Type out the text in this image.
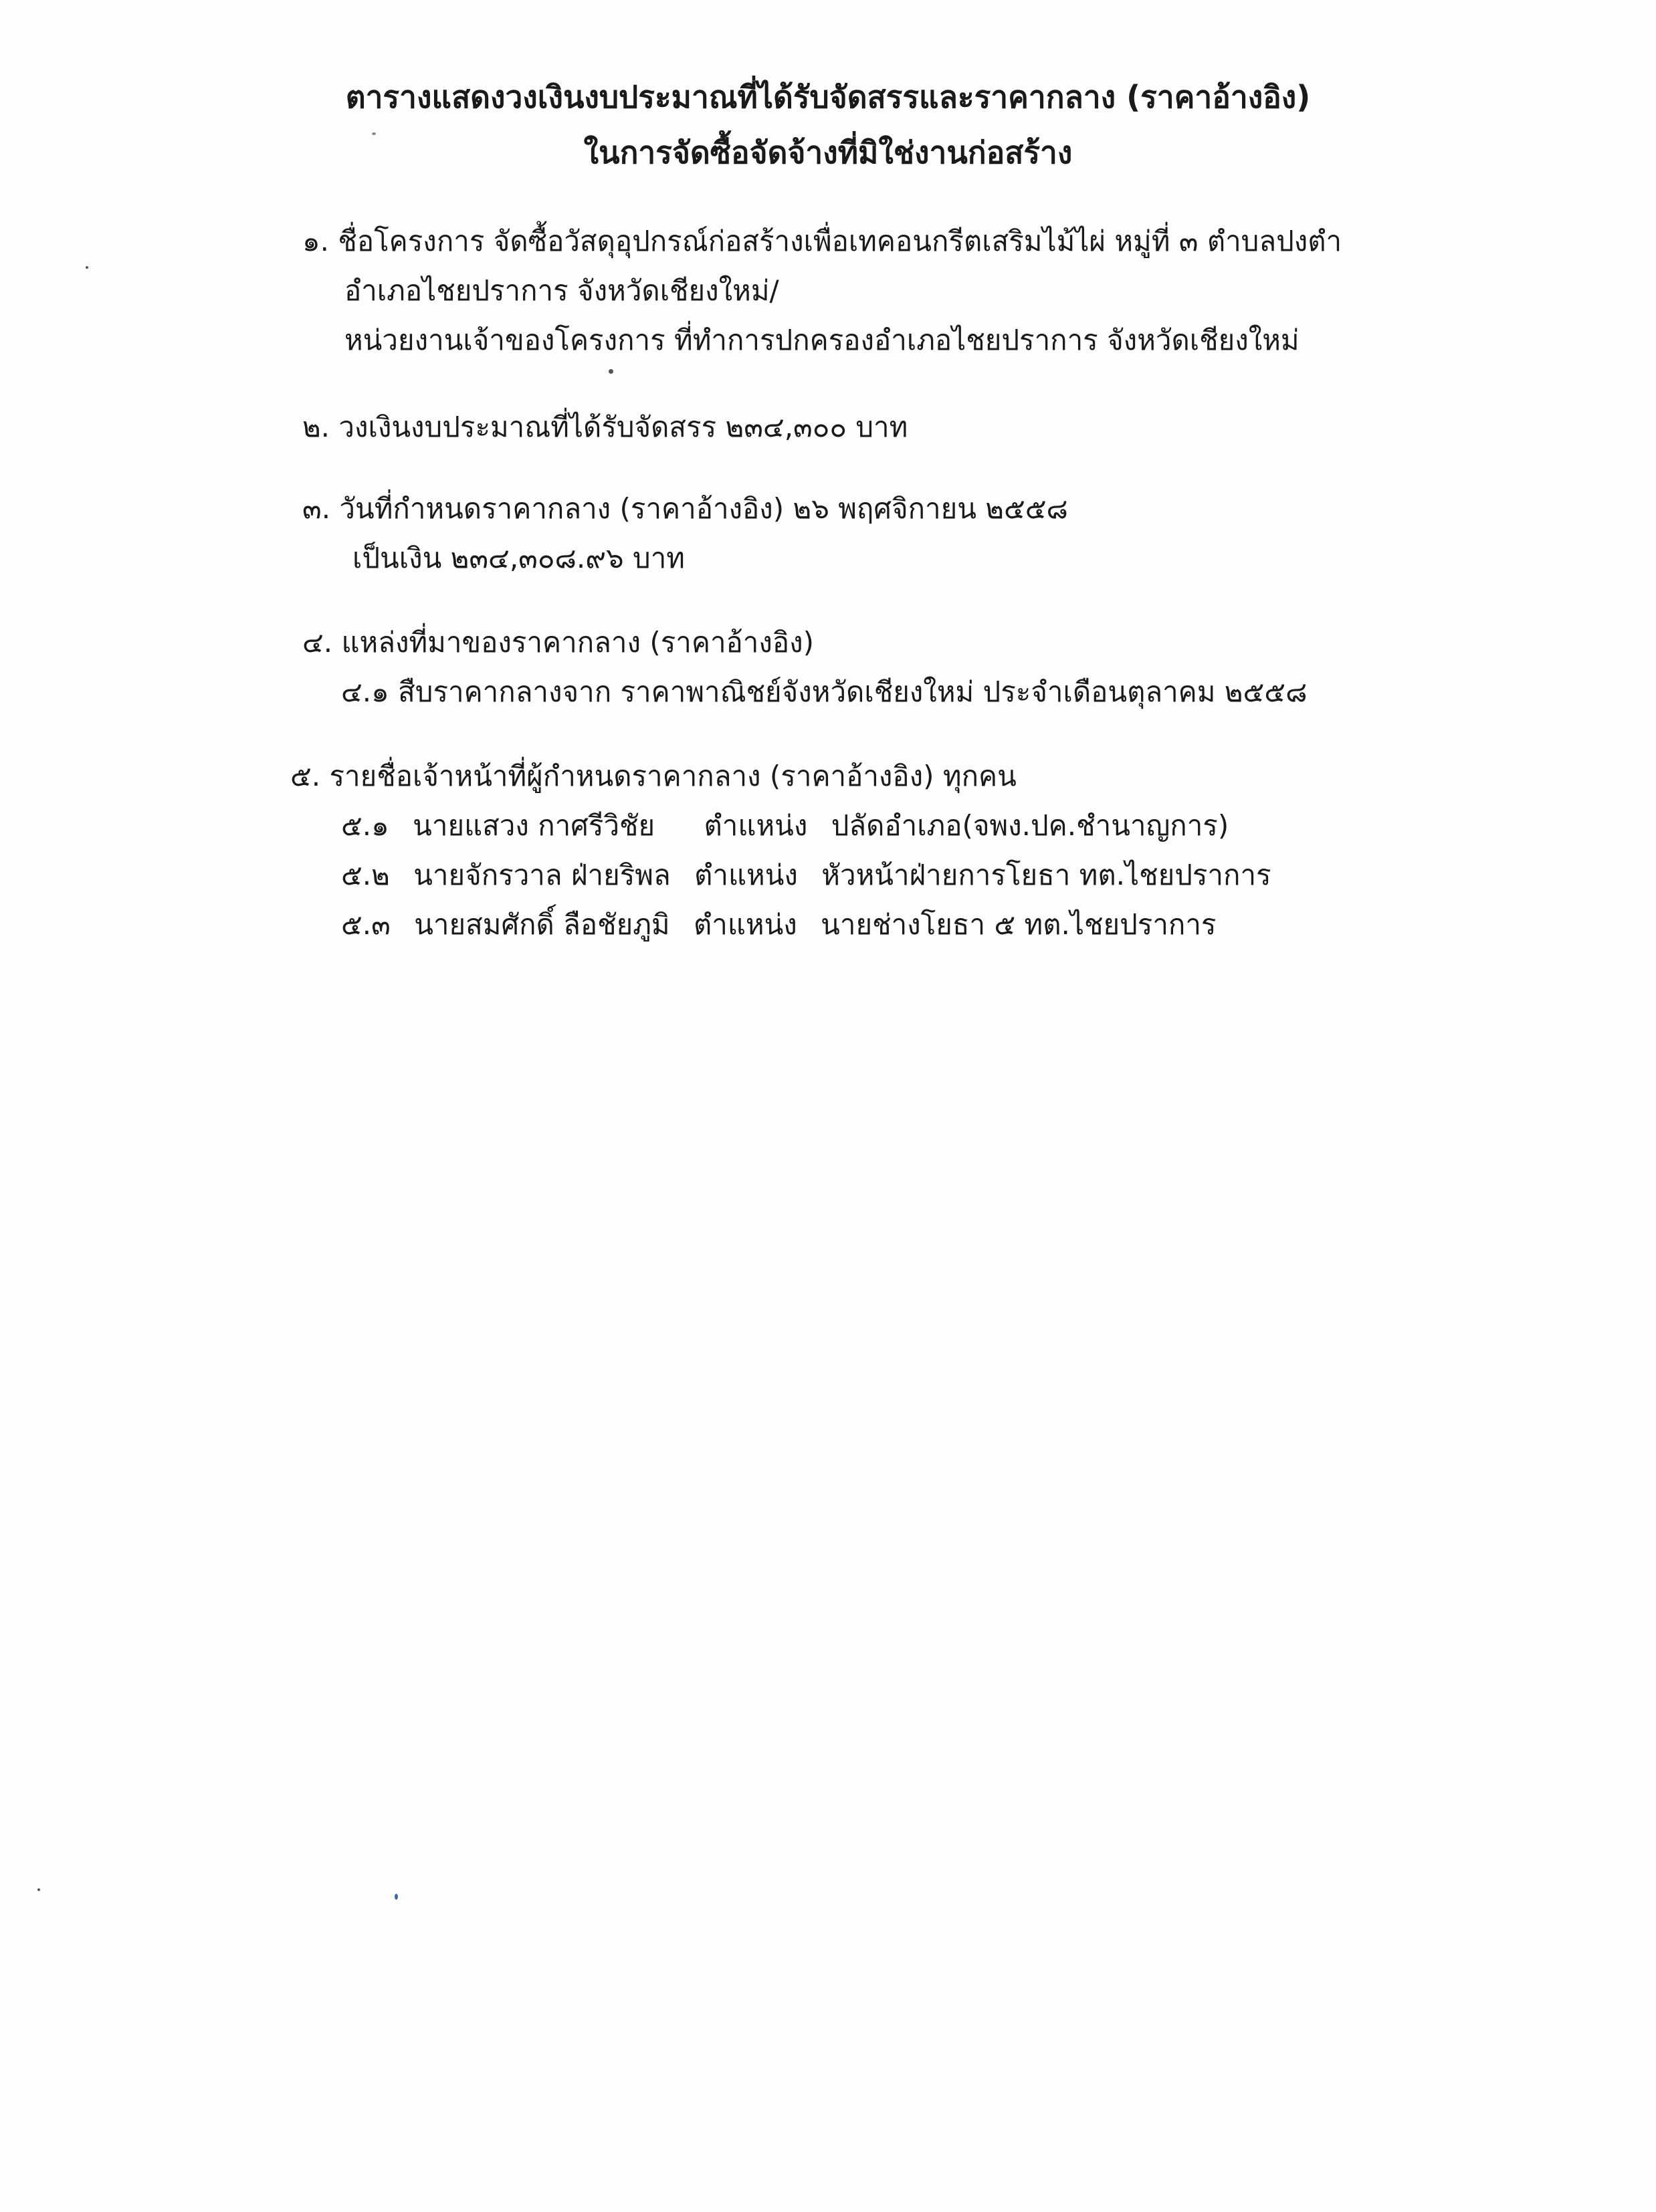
ตารางแสดงวงเงินงบประมาณที่ได้รับจัดสรรและราคากลาง (ราคาอ้างอิง)
ในการจัดซื้อจัดจ้างที่มิใช่งานก่อสร้าง
๑. ชื่อโครงการ จัดซื้อวัสดุอุปกรณ์ก่อสร้างเพื่อเทคอนกรีตเสริมไม้ไผ่ หมู่ที่ ๓ ตำบลปงตำ
อำเภอไชยปราการ จังหวัดเชียงใหม่/
หน่วยงานเจ้าของโครงการ ที่ทำการปกครองอำเภอไชยปราการ จังหวัดเชียงใหม่
๒. วงเงินงบประมาณที่ได้รับจัดสรร ๒๓๔,๓๐๐ บาท
๓. วันที่กำหนดราคากลาง (ราคาอ้างอิง) ๒๖ พฤศจิกายน ๒๕๕๘
เป็นเงิน ๒๓๔,๓๐๘.๙๖ บาท
๔. แหล่งที่มาของราคากลาง (ราคาอ้างอิง)
๔.๑ สืบราคากลางจาก ราคาพาณิชย์จังหวัดเชียงใหม่ ประจำเดือนตุลาคม ๒๕๕๘
๕. รายชื่อเจ้าหน้าที่ผู้กำหนดราคากลาง (ราคาอ้างอิง) ทุกคน
๕.๑ นายแสวง กาศรีวิชัย ตำแหน่ง ปลัดอำเภอ(จพง.ปค.ชำนาญการ)
๕.๒ นายจักรวาล ฝ่ายริพล ตำแหน่ง หัวหน้าฝ่ายการโยธา ทต.ไชยปราการ
๕.๓ นายสมศักดิ์ ลือชัยภูมิ ตำแหน่ง นายช่างโยธา ๕ ทต.ไชยปราการ
